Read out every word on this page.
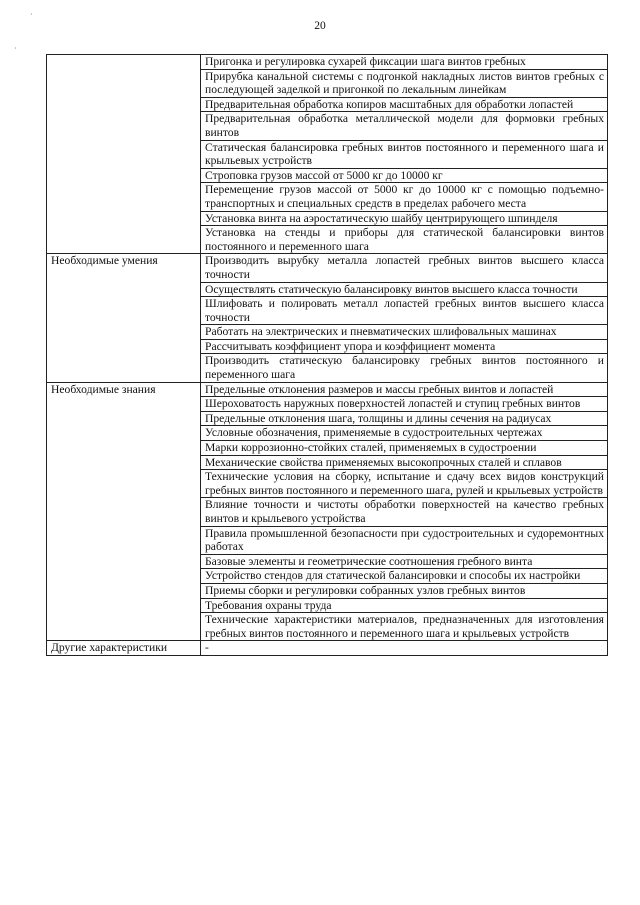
20
·
·
	Пригонка и регулировка сухарей фиксации шага винтов гребных
	Прирубка канальной системы с подгонкой накладных листов винтов гребных с последующей заделкой и пригонкой по лекальным линейкам
	Предварительная обработка копиров масштабных для обработки лопастей
	Предварительная обработка металлической модели для формовки гребных винтов
	Статическая балансировка гребных винтов постоянного и переменного шага и крыльевых устройств
	Строповка грузов массой от 5000 кг до 10000 кг
	Перемещение грузов массой от 5000 кг до 10000 кг с помощью подъемно-транспортных и специальных средств в пределах рабочего места
	Установка винта на аэростатическую шайбу центрирующего шпинделя
	Установка на стенды и приборы для статической балансировки винтов постоянного и переменного шага
Необходимые умения	Производить вырубку металла лопастей гребных винтов высшего класса точности
	Осуществлять статическую балансировку винтов высшего класса точности
	Шлифовать и полировать металл лопастей гребных винтов высшего класса точности
	Работать на электрических и пневматических шлифовальных машинах
	Рассчитывать коэффициент упора и коэффициент момента
	Производить статическую балансировку гребных винтов постоянного и переменного шага
Необходимые знания	Предельные отклонения размеров и массы гребных винтов и лопастей
	Шероховатость наружных поверхностей лопастей и ступиц гребных винтов
	Предельные отклонения шага, толщины и длины сечения на радиусах
	Условные обозначения, применяемые в судостроительных чертежах
	Марки коррозионно-стойких сталей, применяемых в судостроении
	Механические свойства применяемых высокопрочных сталей и сплавов
	Технические условия на сборку, испытание и сдачу всех видов конструкций гребных винтов постоянного и переменного шага, рулей и крыльевых устройств
	Влияние точности и чистоты обработки поверхностей на качество гребных винтов и крыльевого устройства
	Правила промышленной безопасности при судостроительных и судоремонтных работах
	Базовые элементы и геометрические соотношения гребного винта
	Устройство стендов для статической балансировки и способы их настройки
	Приемы сборки и регулировки собранных узлов гребных винтов
	Требования охраны труда
	Технические характеристики материалов, предназначенных для изготовления гребных винтов постоянного и переменного шага и крыльевых устройств
Другие характеристики	-
